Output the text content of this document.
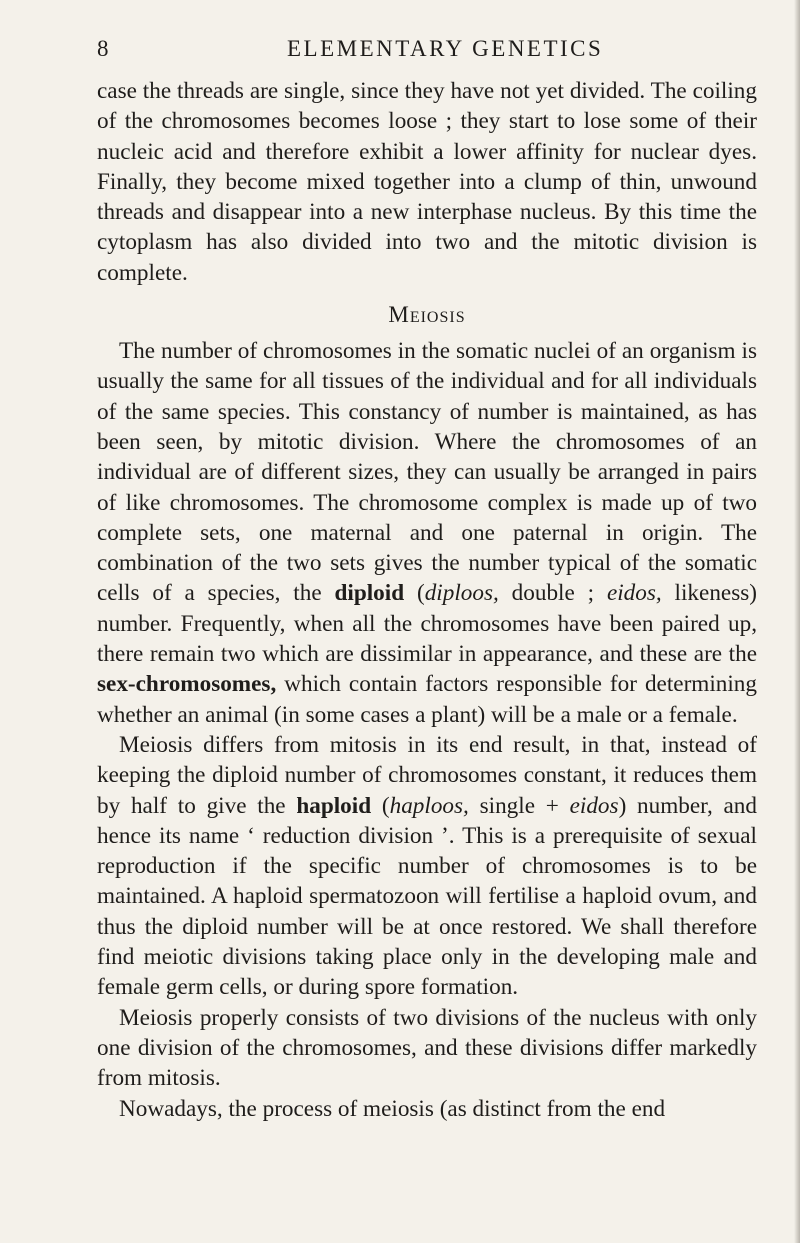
8	ELEMENTARY GENETICS

case the threads are single, since they have not yet divided. The coiling of the chromosomes becomes loose ; they start to lose some of their nucleic acid and therefore exhibit a lower affinity for nuclear dyes. Finally, they become mixed together into a clump of thin, unwound threads and disappear into a new interphase nucleus. By this time the cytoplasm has also divided into two and the mitotic division is complete.

Meiosis

The number of chromosomes in the somatic nuclei of an organism is usually the same for all tissues of the individual and for all individuals of the same species. This constancy of number is maintained, as has been seen, by mitotic division. Where the chromosomes of an individual are of different sizes, they can usually be arranged in pairs of like chromosomes. The chromosome complex is made up of two complete sets, one maternal and one paternal in origin. The combination of the two sets gives the number typical of the somatic cells of a species, the diploid (diploos, double ; eidos, likeness) number. Frequently, when all the chromosomes have been paired up, there remain two which are dissimilar in appearance, and these are the sex-chromosomes, which contain factors responsible for determining whether an animal (in some cases a plant) will be a male or a female.

Meiosis differs from mitosis in its end result, in that, instead of keeping the diploid number of chromosomes constant, it reduces them by half to give the haploid (haploos, single + eidos) number, and hence its name ‘ reduction division ’. This is a prerequisite of sexual reproduction if the specific number of chromosomes is to be maintained. A haploid spermatozoon will fertilise a haploid ovum, and thus the diploid number will be at once restored. We shall therefore find meiotic divisions taking place only in the developing male and female germ cells, or during spore formation.

Meiosis properly consists of two divisions of the nucleus with only one division of the chromosomes, and these divisions differ markedly from mitosis.

Nowadays, the process of meiosis (as distinct from the end
